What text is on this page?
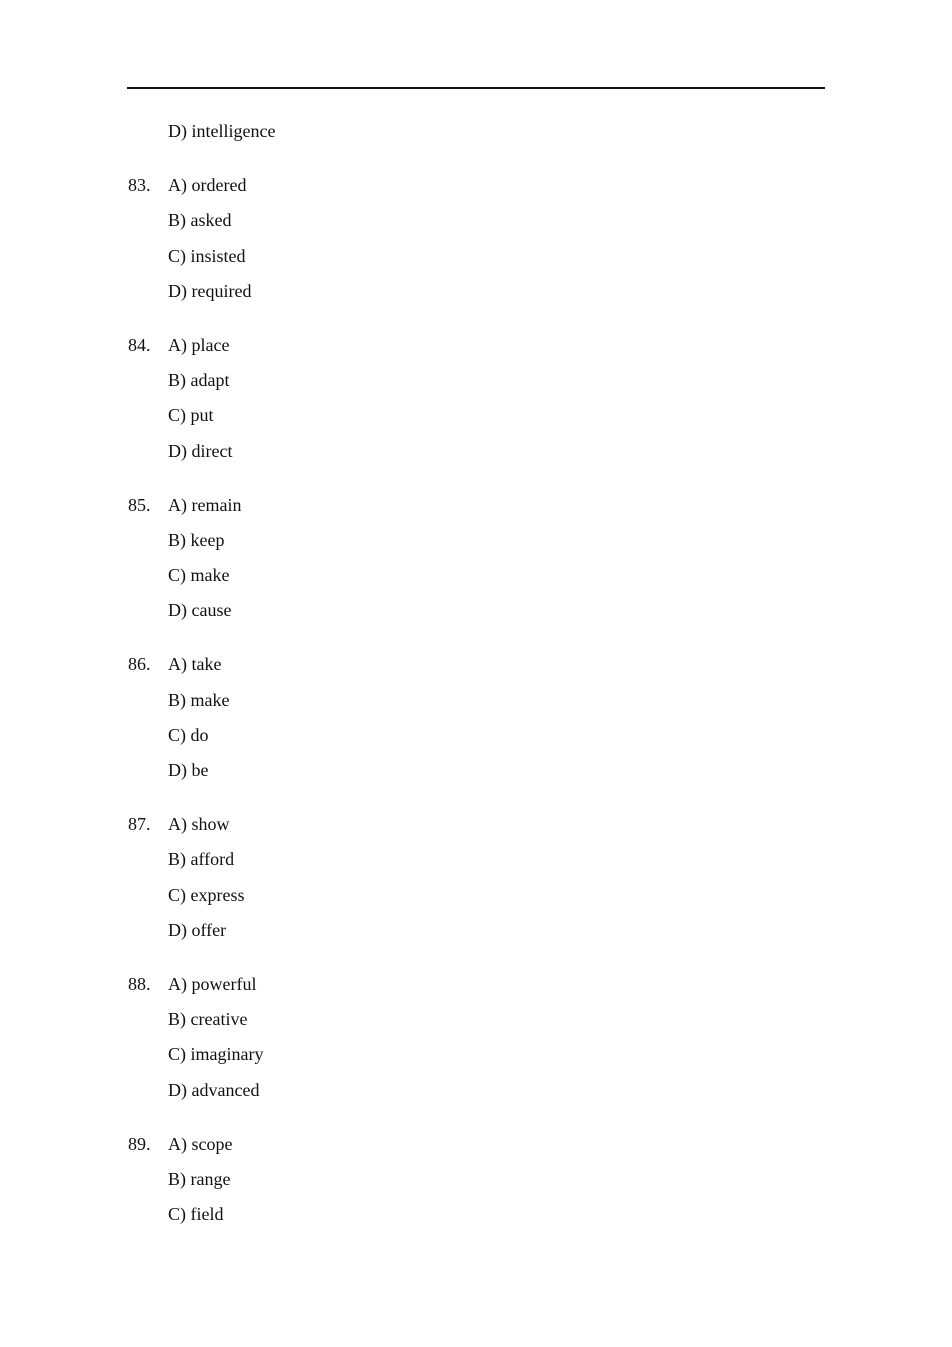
D) intelligence
83. A) ordered
B) asked
C) insisted
D) required
84. A) place
B) adapt
C) put
D) direct
85. A) remain
B) keep
C) make
D) cause
86. A) take
B) make
C) do
D) be
87. A) show
B) afford
C) express
D) offer
88. A) powerful
B) creative
C) imaginary
D) advanced
89. A) scope
B) range
C) field
